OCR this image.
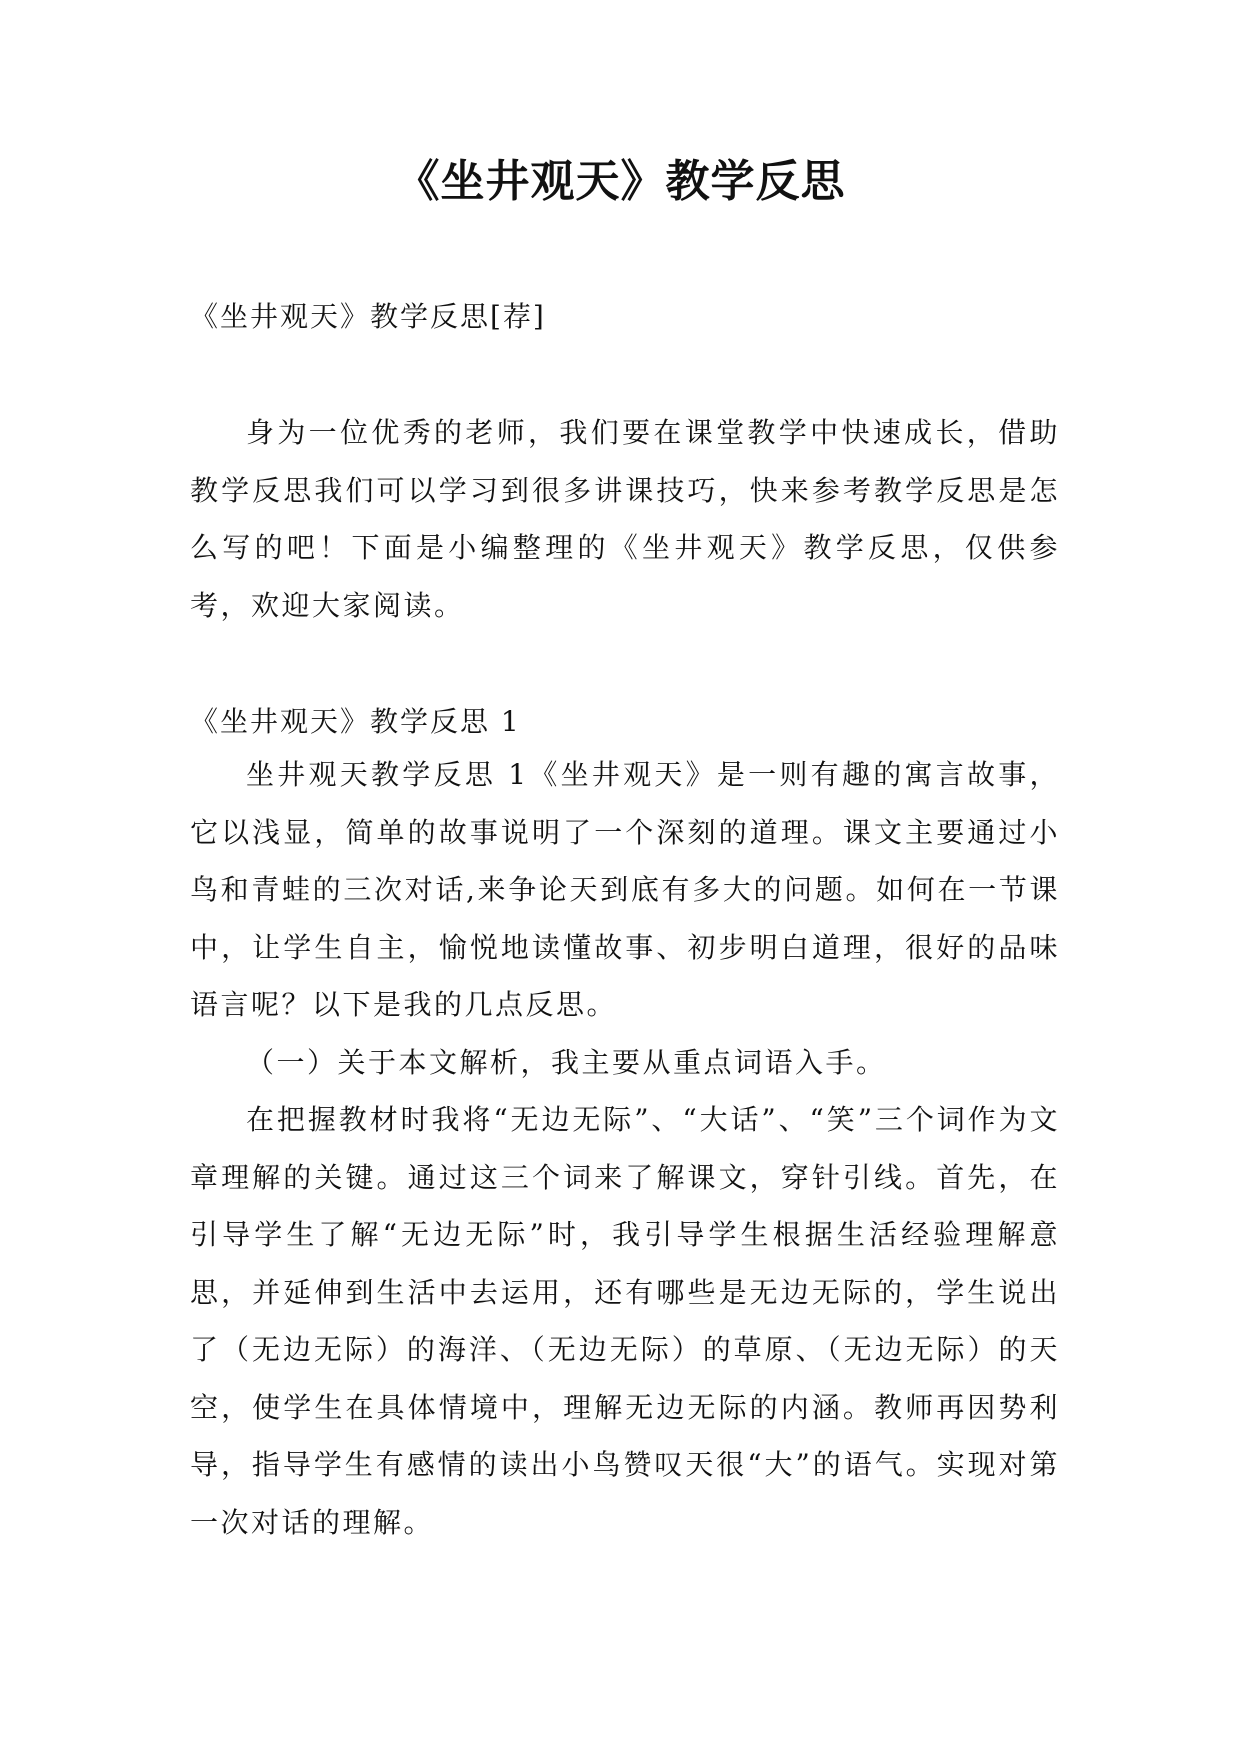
《坐井观天》教学反思
《坐井观天》教学反思[荐]

身为一位优秀的老师，我们要在课堂教学中快速成长，借助教学反思我们可以学习到很多讲课技巧，快来参考教学反思是怎么写的吧！下面是小编整理的《坐井观天》教学反思，仅供参考，欢迎大家阅读。

《坐井观天》教学反思 1

坐井观天教学反思 1《坐井观天》是一则有趣的寓言故事，它以浅显，简单的故事说明了一个深刻的道理。课文主要通过小鸟和青蛙的三次对话,来争论天到底有多大的问题。如何在一节课中，让学生自主，愉悦地读懂故事、初步明白道理，很好的品味语言呢？以下是我的几点反思。

（一）关于本文解析，我主要从重点词语入手。

在把握教材时我将“无边无际”、“大话”、“笑”三个词作为文章理解的关键。通过这三个词来了解课文，穿针引线。首先，在引导学生了解“无边无际”时，我引导学生根据生活经验理解意思，并延伸到生活中去运用，还有哪些是无边无际的，学生说出了（无边无际）的海洋、（无边无际）的草原、（无边无际）的天空，使学生在具体情境中，理解无边无际的内涵。教师再因势利导，指导学生有感情的读出小鸟赞叹天很“大”的语气。实现对第一次对话的理解。
